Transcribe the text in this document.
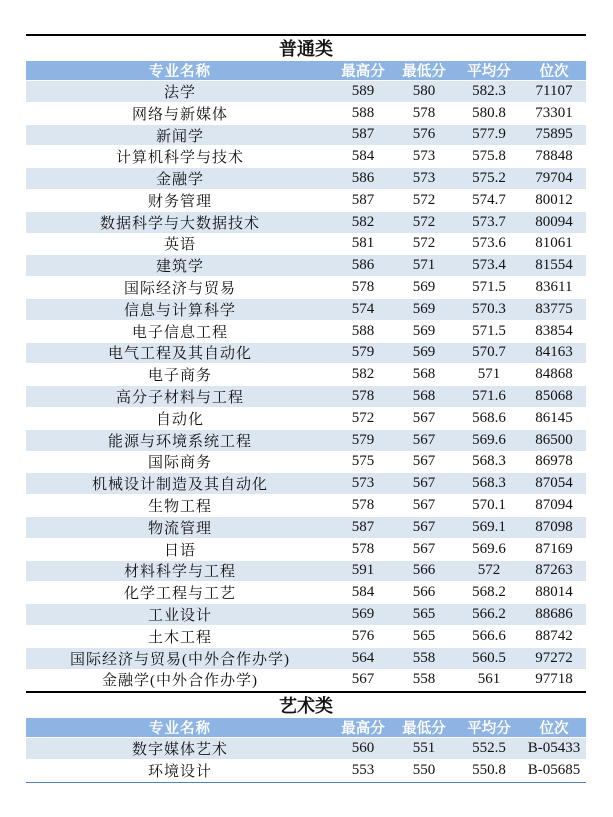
普通类
专业名称	最高分	最低分	平均分	位次
法学	589	580	582.3	71107
网络与新媒体	588	578	580.8	73301
新闻学	587	576	577.9	75895
计算机科学与技术	584	573	575.8	78848
金融学	586	573	575.2	79704
财务管理	587	572	574.7	80012
数据科学与大数据技术	582	572	573.7	80094
英语	581	572	573.6	81061
建筑学	586	571	573.4	81554
国际经济与贸易	578	569	571.5	83611
信息与计算科学	574	569	570.3	83775
电子信息工程	588	569	571.5	83854
电气工程及其自动化	579	569	570.7	84163
电子商务	582	568	571	84868
高分子材料与工程	578	568	571.6	85068
自动化	572	567	568.6	86145
能源与环境系统工程	579	567	569.6	86500
国际商务	575	567	568.3	86978
机械设计制造及其自动化	573	567	568.3	87054
生物工程	578	567	570.1	87094
物流管理	587	567	569.1	87098
日语	578	567	569.6	87169
材料科学与工程	591	566	572	87263
化学工程与工艺	584	566	568.2	88014
工业设计	569	565	566.2	88686
土木工程	576	565	566.6	88742
国际经济与贸易(中外合作办学)	564	558	560.5	97272
金融学(中外合作办学)	567	558	561	97718
艺术类
专业名称	最高分	最低分	平均分	位次
数字媒体艺术	560	551	552.5	B-05433
环境设计	553	550	550.8	B-05685
